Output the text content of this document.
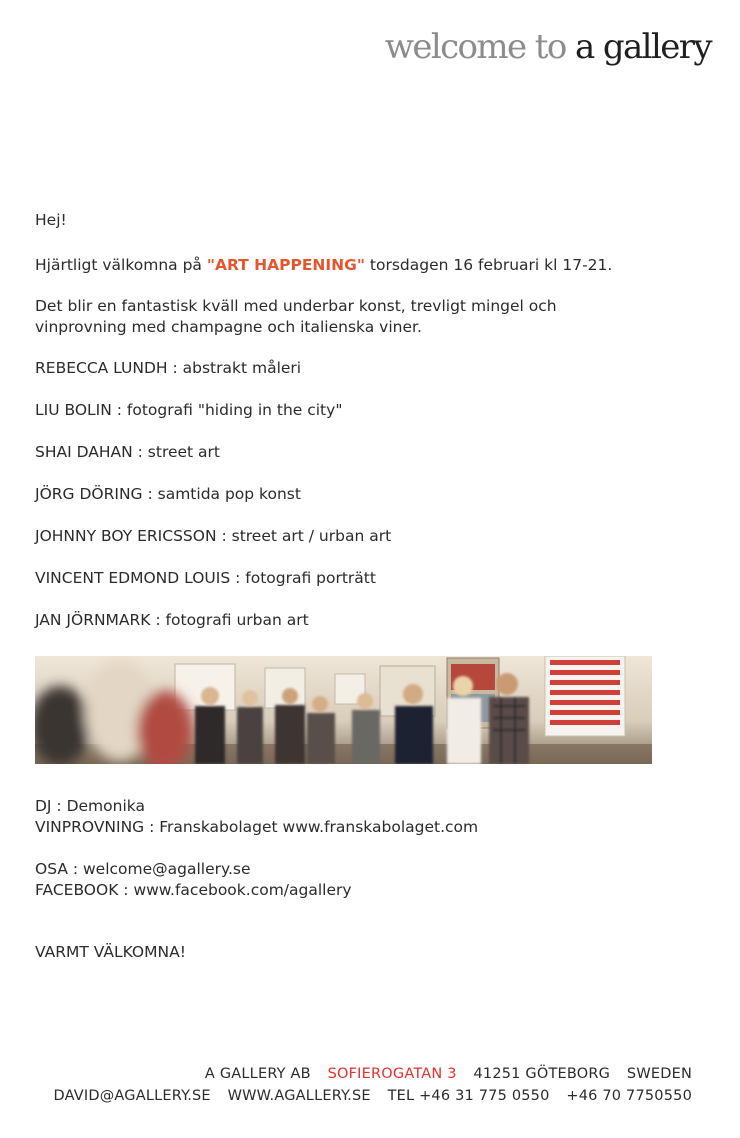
welcome to a gallery
Hej!
Hjärtligt välkomna på "ART HAPPENING" torsdagen 16 februari kl 17-21.
Det blir en fantastisk kväll med underbar konst, trevligt mingel och
vinprovning med champagne och italienska viner.
REBECCA LUNDH : abstrakt måleri
LIU BOLIN : fotografi "hiding in the city"
SHAI DAHAN : street art
JÖRG DÖRING : samtida pop konst
JOHNNY BOY ERICSSON : street art / urban art
VINCENT EDMOND LOUIS : fotografi porträtt
JAN JÖRNMARK : fotografi urban art
DJ : Demonika
VINPROVNING : Franskabolaget www.franskabolaget.com
OSA : welcome@agallery.se
FACEBOOK : www.facebook.com/agallery
VARMT VÄLKOMNA!
A GALLERY AB SOFIEROGATAN 3 41251 GÖTEBORG SWEDEN
DAVID@AGALLERY.SE WWW.AGALLERY.SE TEL +46 31 775 0550 +46 70 7750550
